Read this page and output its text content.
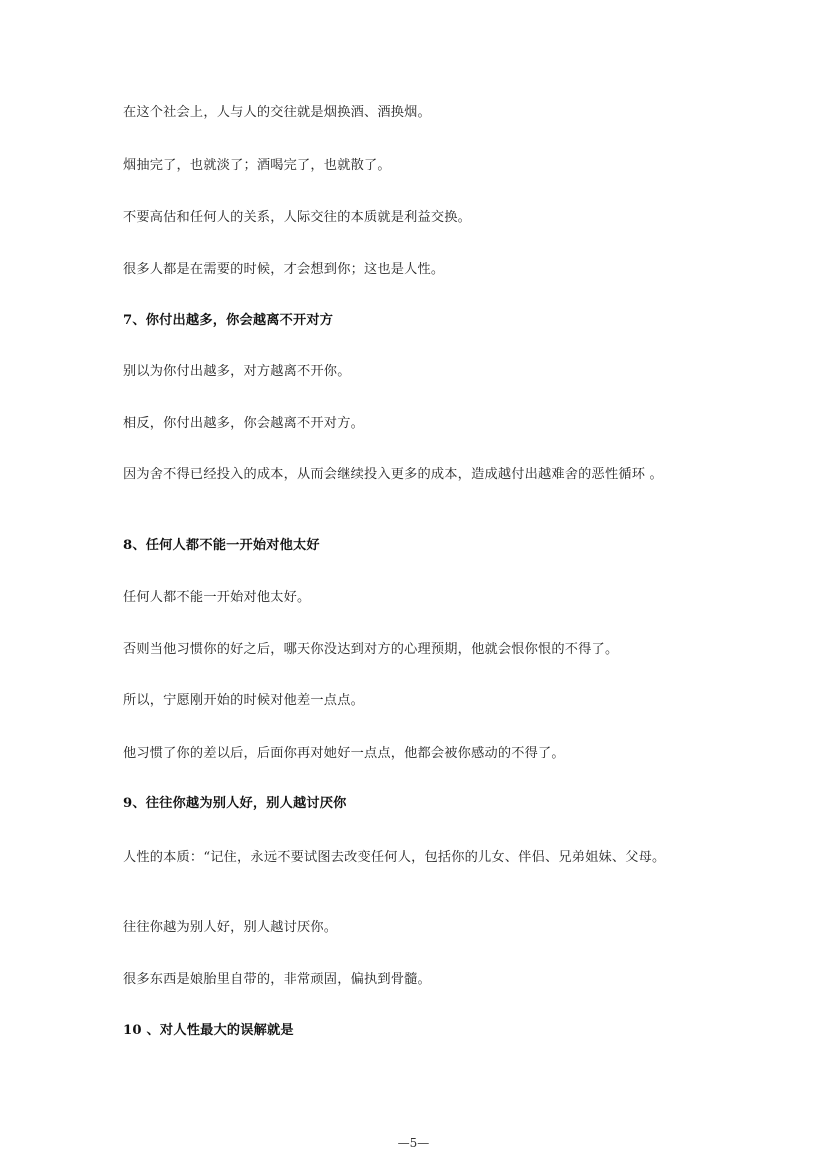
在这个社会上，人与人的交往就是烟换酒、酒换烟。

烟抽完了，也就淡了；酒喝完了，也就散了。

不要高估和任何人的关系，人际交往的本质就是利益交换。

很多人都是在需要的时候，才会想到你；这也是人性。

7、你付出越多，你会越离不开对方

别以为你付出越多，对方越离不开你。

相反，你付出越多，你会越离不开对方。

因为舍不得已经投入的成本，从而会继续投入更多的成本，造成越付出越难舍的恶性循环 。

8、任何人都不能一开始对他太好

任何人都不能一开始对他太好。

否则当他习惯你的好之后，哪天你没达到对方的心理预期，他就会恨你恨的不得了。

所以，宁愿刚开始的时候对他差一点点。

他习惯了你的差以后，后面你再对她好一点点，他都会被你感动的不得了。

9、往往你越为别人好，别人越讨厌你

人性的本质：“记住，永远不要试图去改变任何人，包括你的儿女、伴侣、兄弟姐妹、父母。

往往你越为别人好，别人越讨厌你。

很多东西是娘胎里自带的，非常顽固，偏执到骨髓。

10 、对人性最大的误解就是

—5—
